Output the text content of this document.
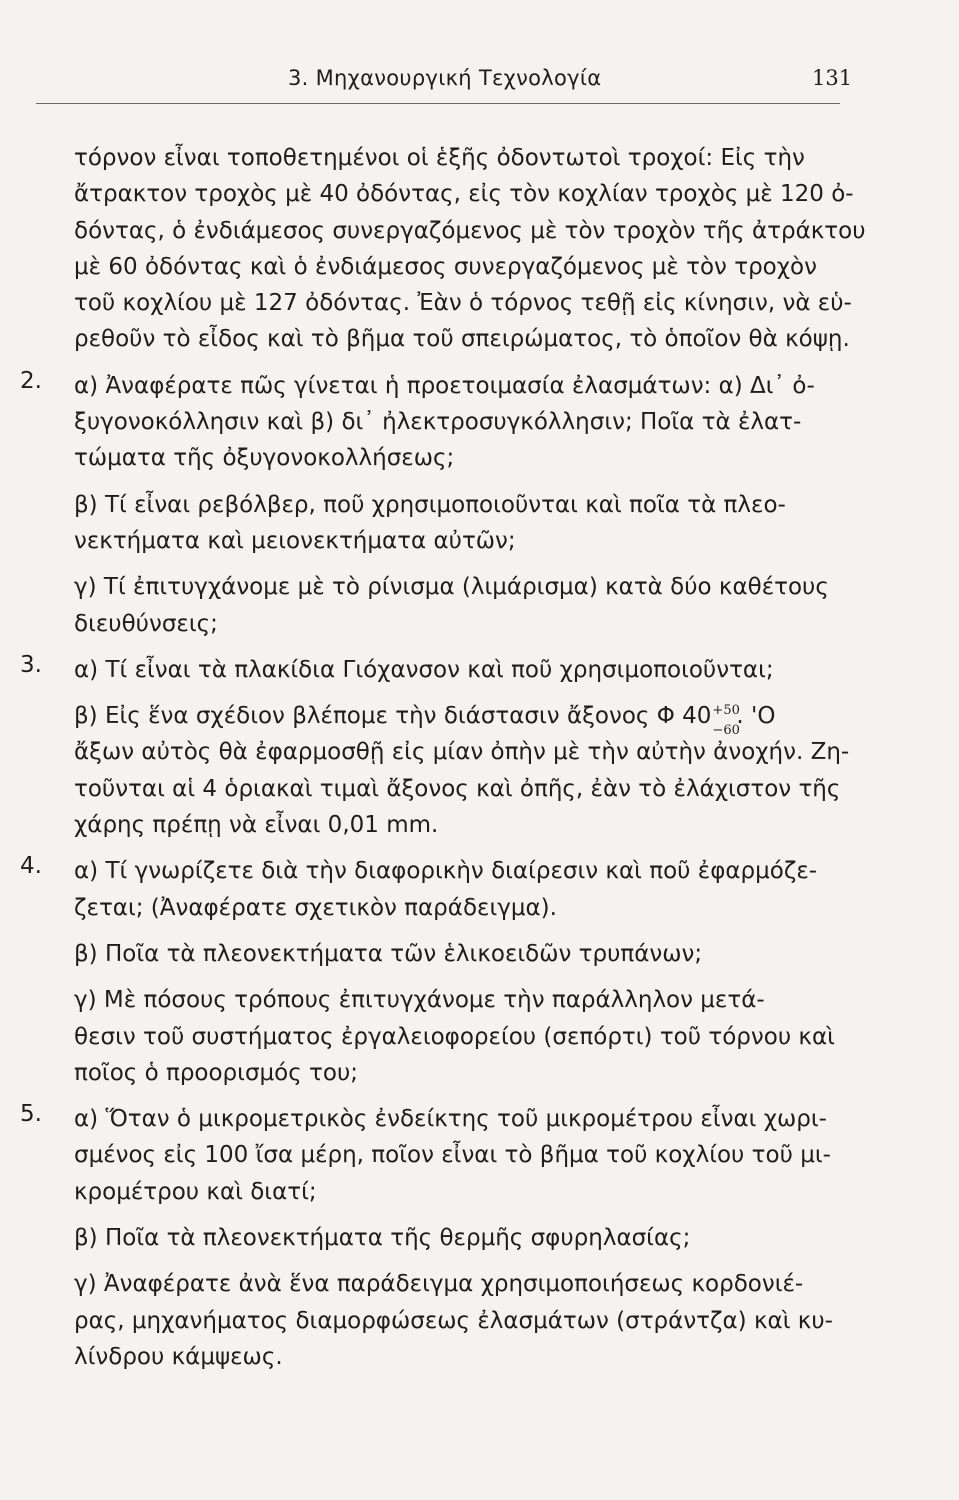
3. Μηχανουργική Τεχνολογία	131
τόρνον εἶναι τοποθετημένοι οἱ ἑξῆς ὀδοντωτοὶ τροχοί: Εἰς τὴν
ἄτρακτον τροχὸς μὲ 40 ὀδόντας, εἰς τὸν κοχλίαν τροχὸς μὲ 120 ὀ-
δόντας, ὁ ἐνδιάμεσος συνεργαζόμενος μὲ τὸν τροχὸν τῆς ἀτράκτου
μὲ 60 ὀδόντας καὶ ὁ ἐνδιάμεσος συνεργαζόμενος μὲ τὸν τροχὸν
τοῦ κοχλίου μὲ 127 ὀδόντας. Ἐὰν ὁ τόρνος τεθῇ εἰς κίνησιν, νὰ εὑ-
ρεθοῦν τὸ εἶδος καὶ τὸ βῆμα τοῦ σπειρώματος, τὸ ὁποῖον θὰ κόψῃ.
2. α) Ἀναφέρατε πῶς γίνεται ἡ προετοιμασία ἐλασμάτων: α) Δι᾽ ὀ-
ξυγονοκόλλησιν καὶ β) δι᾽ ἠλεκτροσυγκόλλησιν; Ποῖα τὰ ἐλατ-
τώματα τῆς ὀξυγονοκολλήσεως;
β) Τί εἶναι ρεβόλβερ, ποῦ χρησιμοποιοῦνται καὶ ποῖα τὰ πλεο-
νεκτήματα καὶ μειονεκτήματα αὐτῶν;
γ) Τί ἐπιτυγχάνομε μὲ τὸ ρίνισμα (λιμάρισμα) κατὰ δύο καθέτους
διευθύνσεις;
3. α) Τί εἶναι τὰ πλακίδια Γιόχανσον καὶ ποῦ χρησιμοποιοῦνται;
β) Εἰς ἕνα σχέδιον βλέπομε τὴν διάστασιν ἄξονος Φ 40 +50
−60
. 'Ο
ἄξων αὐτὸς θὰ ἐφαρμοσθῇ εἰς μίαν ὀπὴν μὲ τὴν αὐτὴν ἀνοχήν. Ζη-
τοῦνται αἱ 4 ὁριακαὶ τιμαὶ ἄξονος καὶ ὀπῆς, ἐὰν τὸ ἐλάχιστον τῆς
χάρης πρέπῃ νὰ εἶναι 0,01 mm.
4. α) Τί γνωρίζετε διὰ τὴν διαφορικὴν διαίρεσιν καὶ ποῦ ἐφαρμόζε-
ζεται; (Ἀναφέρατε σχετικὸν παράδειγμα).
β) Ποῖα τὰ πλεονεκτήματα τῶν ἑλικοειδῶν τρυπάνων;
γ) Μὲ πόσους τρόπους ἐπιτυγχάνομε τὴν παράλληλον μετά-
θεσιν τοῦ συστήματος ἐργαλειοφορείου (σεπόρτι) τοῦ τόρνου καὶ
ποῖος ὁ προορισμός του;
5. α) Ὅταν ὁ μικρομετρικὸς ἐνδείκτης τοῦ μικρομέτρου εἶναι χωρι-
σμένος εἰς 100 ἴσα μέρη, ποῖον εἶναι τὸ βῆμα τοῦ κοχλίου τοῦ μι-
κρομέτρου καὶ διατί;
β) Ποῖα τὰ πλεονεκτήματα τῆς θερμῆς σφυρηλασίας;
γ) Ἀναφέρατε ἀνὰ ἕνα παράδειγμα χρησιμοποιήσεως κορδονιέ-
ρας, μηχανήματος διαμορφώσεως ἐλασμάτων (στράντζα) καὶ κυ-
λίνδρου κάμψεως.
